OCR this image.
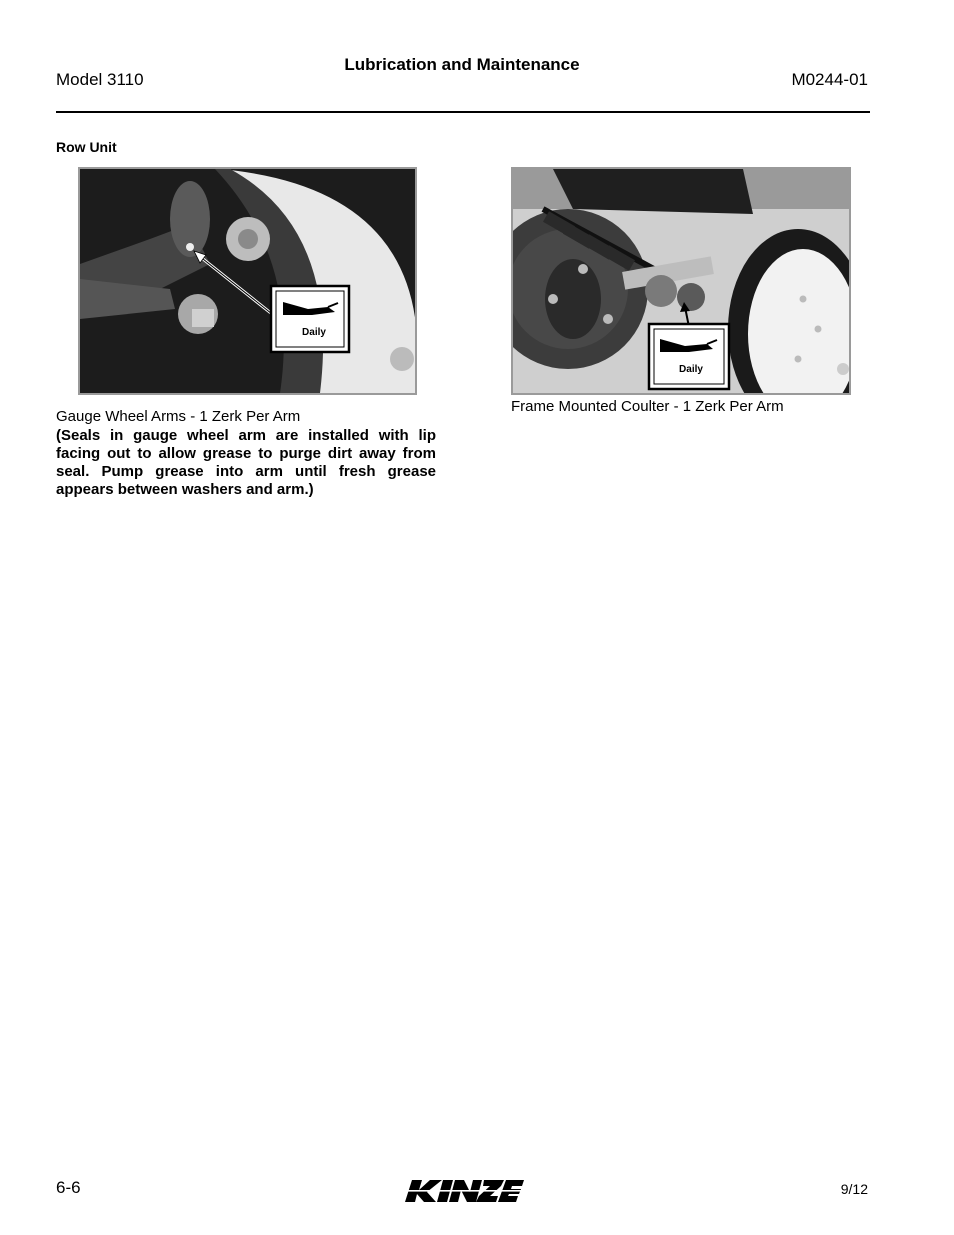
Model 3110
Lubrication and Maintenance
M0244-01
Row Unit
Daily
Daily
Gauge Wheel Arms - 1 Zerk Per Arm
(Seals in gauge wheel arm are installed with lip facing out to allow grease to purge dirt away from seal. Pump grease into arm until fresh grease appears between washers and arm.)
Frame Mounted Coulter - 1 Zerk Per Arm
6-6	9/12
